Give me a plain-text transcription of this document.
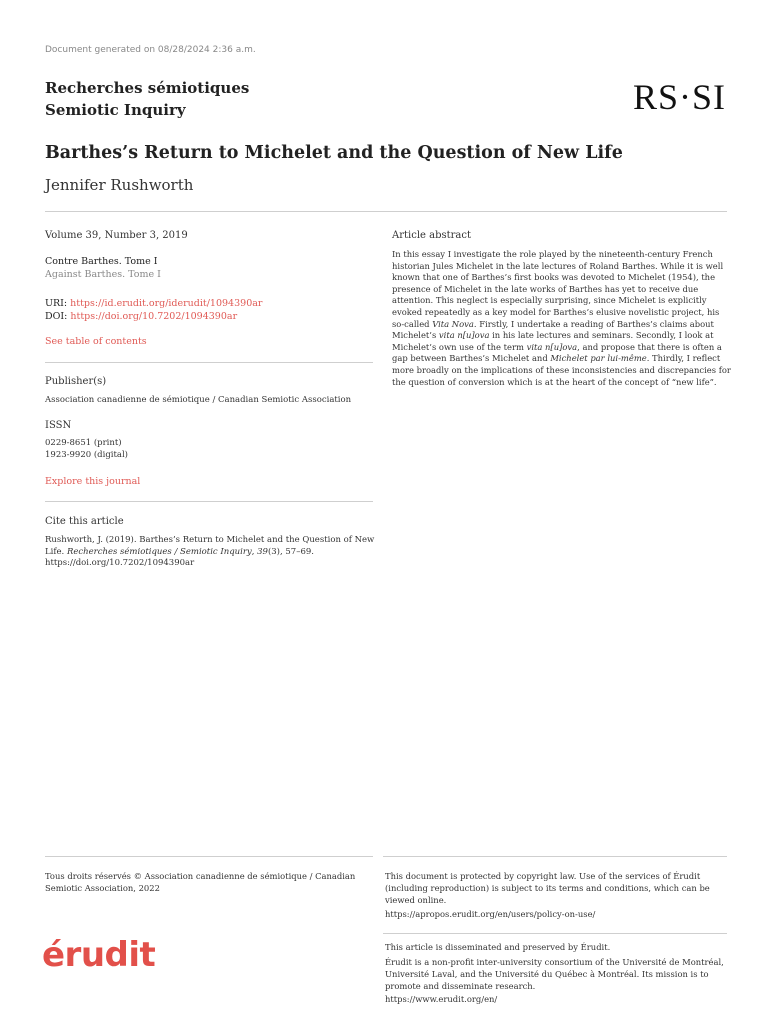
Document generated on 08/28/2024 2:36 a.m.
Recherches sémiotiques
Semiotic Inquiry	RS·SI
Barthes’s Return to Michelet and the Question of New Life
Jennifer Rushworth
Volume 39, Number 3, 2019
Contre Barthes. Tome I
Against Barthes. Tome I
URI: https://id.erudit.org/iderudit/1094390ar
DOI: https://doi.org/10.7202/1094390ar
See table of contents
Publisher(s)
Association canadienne de sémiotique / Canadian Semiotic Association
ISSN
0229-8651 (print)
1923-9920 (digital)
Explore this journal
Cite this article
Rushworth, J. (2019). Barthes’s Return to Michelet and the Question of New
Life. Recherches sémiotiques / Semiotic Inquiry, 39(3), 57–69.
https://doi.org/10.7202/1094390ar
Article abstract
In this essay I investigate the role played by the nineteenth-century French historian Jules Michelet in the late lectures of Roland Barthes. While it is well known that one of Barthes’s first books was devoted to Michelet (1954), the presence of Michelet in the late works of Barthes has yet to receive due attention. This neglect is especially surprising, since Michelet is explicitly evoked repeatedly as a key model for Barthes’s elusive novelistic project, his so-called Vita Nova. Firstly, I undertake a reading of Barthes’s claims about Michelet’s vita n[u]ova in his late lectures and seminars. Secondly, I look at Michelet’s own use of the term vita n[u]ova, and propose that there is often a gap between Barthes’s Michelet and Michelet par lui-même. Thirdly, I reflect more broadly on the implications of these inconsistencies and discrepancies for the question of conversion which is at the heart of the concept of “new life”.
Tous droits réservés © Association canadienne de sémiotique / Canadian Semiotic Association, 2022
This document is protected by copyright law. Use of the services of Érudit (including reproduction) is subject to its terms and conditions, which can be viewed online.
https://apropos.erudit.org/en/users/policy-on-use/
érudit	This article is disseminated and preserved by Érudit.
Érudit is a non-profit inter-university consortium of the Université de Montréal, Université Laval, and the Université du Québec à Montréal. Its mission is to promote and disseminate research.
https://www.erudit.org/en/
